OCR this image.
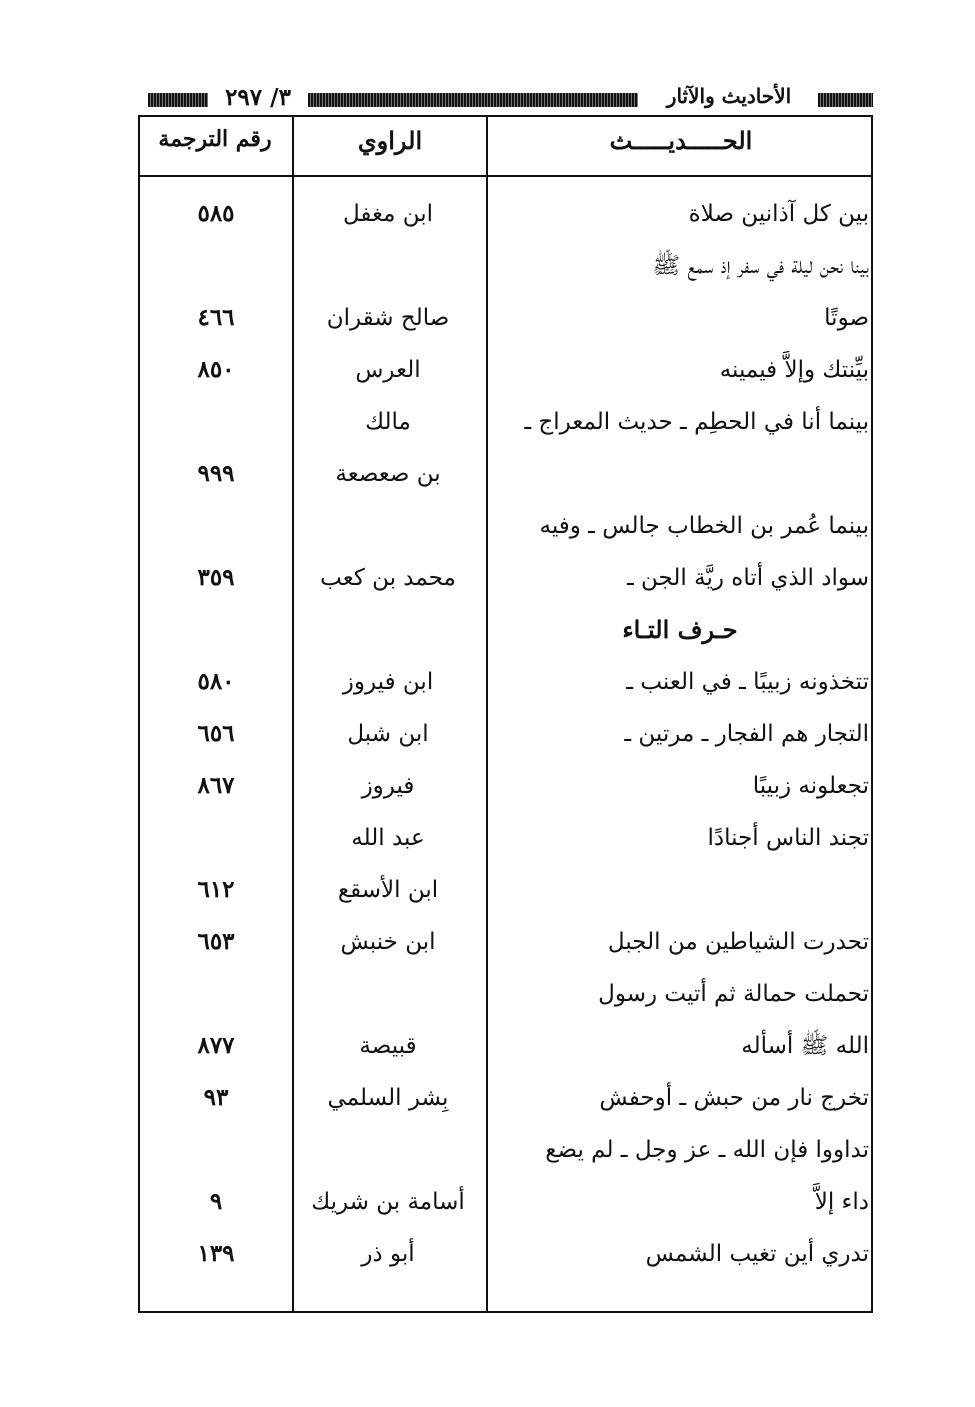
٣/ ٢٩٧	الأحاديث والآثار
الحـــــديـــــث
الراوي
رقم الترجمة
بين كل آذانين صلاة
ابن مغفل
٥٨٥
بينا نحن ليلة في سفر إذ سمع ﷺ
صوتًا
صالح شقران
٤٦٦
بيِّنتك وإلاَّ فيمينه
العرس
٨٥٠
بينما أنا في الحطِم ـ حديث المعراج ـ
مالك
بن صعصعة
٩٩٩
بينما عُمر بن الخطاب جالس ـ وفيه
سواد الذي أتاه ريَّة الجن ـ
محمد بن كعب
٣٥٩
حـرف التـاء
تتخذونه زبيبًا ـ في العنب ـ
ابن فيروز
٥٨٠
التجار هم الفجار ـ مرتين ـ
ابن شبل
٦٥٦
تجعلونه زبيبًا
فيروز
٨٦٧
تجند الناس أجنادًا
عبد الله
ابن الأسقع
٦١٢
تحدرت الشياطين من الجبل
ابن خنبش
٦٥٣
تحملت حمالة ثم أتيت رسول
الله ﷺ أسأله
قبيصة
٨٧٧
تخرج نار من حبش ـ أوحفش
بِشر السلمي
٩٣
تداووا فإن الله ـ عز وجل ـ لم يضع
داء إلاَّ
أسامة بن شريك
٩
تدري أين تغيب الشمس
أبو ذر
١٣٩
